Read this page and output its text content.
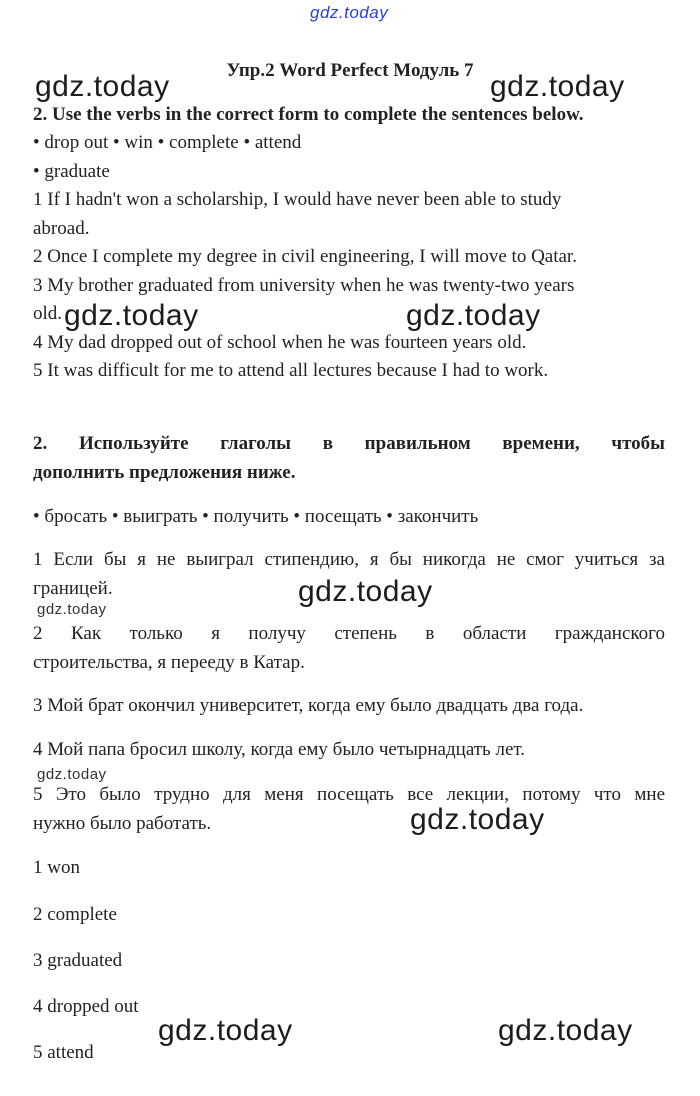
gdz.today
gdz.today	gdz.today
gdz.today	gdz.today
gdz.today
gdz.today
gdz.today
gdz.today
gdz.today	gdz.today
Упр.2 Word Perfect Модуль 7
2. Use the verbs in the correct form to complete the sentences below.
• drop out • win • complete • attend
• graduate
1 If I hadn't won a scholarship, I would have never been able to study
abroad.
2 Once I complete my degree in civil engineering, I will move to Qatar.
3 My brother graduated from university when he was twenty-two years
old.
4 My dad dropped out of school when he was fourteen years old.
5 It was difficult for me to attend all lectures because I had to work.
2. Используйте глаголы в правильном времени, чтобы
дополнить предложения ниже.
• бросать • выиграть • получить • посещать • закончить
1 Если бы я не выиграл стипендию, я бы никогда не смог учиться за
границей.
2 Как только я получу степень в области гражданского
строительства, я перееду в Катар.
3 Мой брат окончил университет, когда ему было двадцать два года.
4 Мой папа бросил школу, когда ему было четырнадцать лет.
5 Это было трудно для меня посещать все лекции, потому что мне
нужно было работать.
1 won
2 complete
3 graduated
4 dropped out
5 attend
